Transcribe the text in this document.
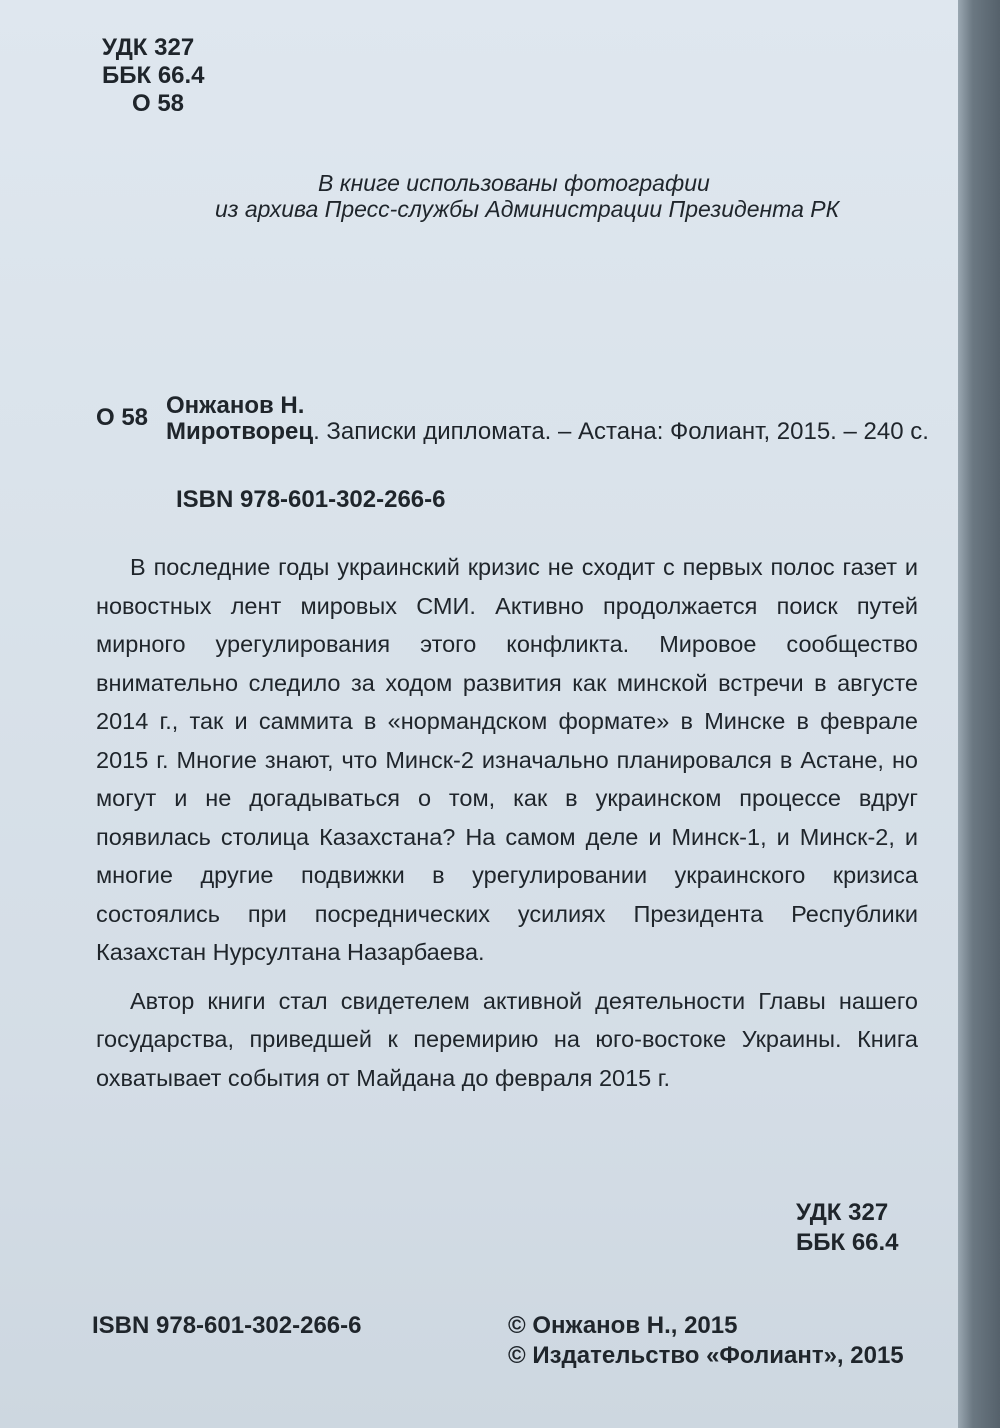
УДК 327
ББК 66.4
О 58
В книге использованы фотографии
из архива Пресс-службы Администрации Президента РК
О 58 Онжанов Н.
Миротворец. Записки дипломата. – Астана: Фолиант, 2015. – 240 с.
ISBN 978-601-302-266-6

В последние годы украинский кризис не сходит с первых полос газет и новостных лент мировых СМИ. Активно продолжается поиск путей мирного урегулирования этого конфликта. Мировое сообщество внимательно следило за ходом развития как минской встречи в августе 2014 г., так и саммита в «нормандском формате» в Минске в феврале 2015 г. Многие знают, что Минск-2 изначально планировался в Астане, но могут и не догадываться о том, как в украинском процессе вдруг появилась столица Казахстана? На самом деле и Минск-1, и Минск-2, и многие другие подвижки в урегулировании украинского кризиса состоялись при посреднических усилиях Президента Республики Казахстан Нурсултана Назарбаева.

Автор книги стал свидетелем активной деятельности Главы нашего государства, приведшей к перемирию на юго-востоке Украины. Книга охватывает события от Майдана до февраля 2015 г.

УДК 327
ББК 66.4
ISBN 978-601-302-266-6	© Онжанов Н., 2015
© Издательство «Фолиант», 2015
